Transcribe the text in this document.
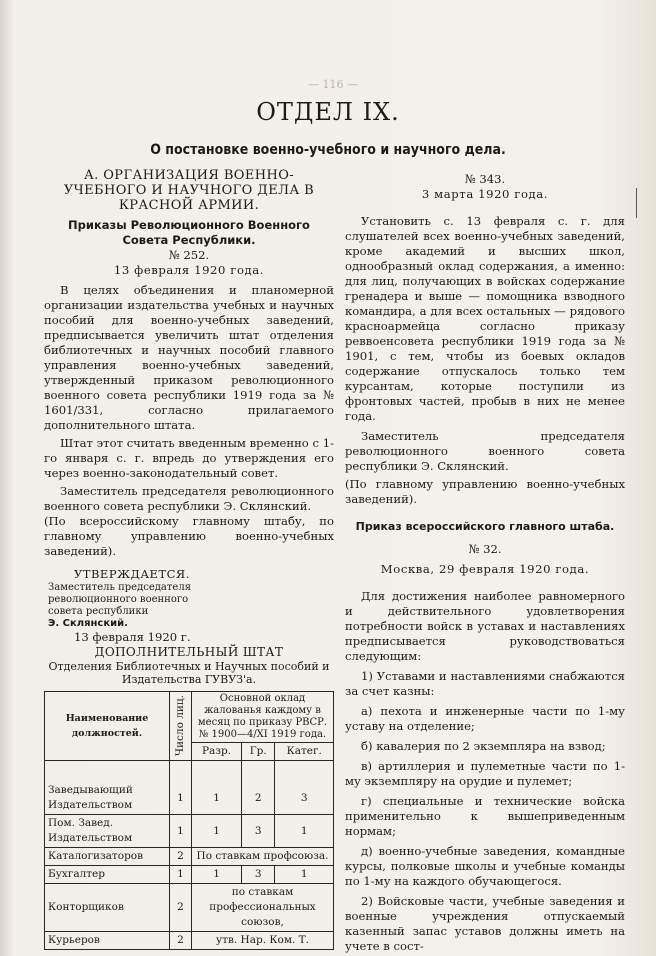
— 116 —
ОТДЕЛ IX.
О постановке военно-учебного и научного дела.

А. ОРГАНИЗАЦИЯ ВОЕННО-УЧЕБНОГО И НАУЧНОГО ДЕЛА В КРАСНОЙ АРМИИ.

Приказы Революционного Военного Совета Республики.

№ 252.

13 февраля 1920 года.

В целях объединения и планомерной организации издательства учебных и научных пособий для военно-учебных заведений, предписывается увеличить штат отделения библиотечных и научных пособий главного управления военно-учебных заведений, утвержденный приказом революционного военного совета республики 1919 года за № 1601/331, согласно прилагаемого дополнительного штата.

Штат этот считать введенным временно с 1-го января с. г. впредь до утверждения его через военно-законодательный совет.

Заместитель председателя революционного военного совета республики Э. Склянский.

(По всероссийскому главному штабу, по главному управлению военно-учебных заведений).

УТВЕРЖДАЕТСЯ.

Заместитель председателя революционного военного совета республики

Э. Склянский.

13 февраля 1920 г.

ДОПОЛНИТЕЛЬНЫЙ ШТАТ

Отделения Библиотечных и Научных пособий и Издательства ГУВУЗ'а.

Наименование должностей.	Число лиц.	Основной оклад жалованья каждому в месяц по приказу РВСР. № 1900—4/XI 1919 года.		
		Разр.	Гр.	Катег.
Заведывающий Издательством	1	1	2	3
Пом. Завед. Издательством	1	1	3	1
Каталогизаторов	2	По ставкам профсоюза.		
Бухгалтер	1	1	3	1
Конторщиков	2	по ставкам профессиональных союзов,		
Курьеров	2	утв. Нар. Ком. Т.		

№ 343.

3 марта 1920 года.

Установить с. 13 февраля с. г. для слушателей всех военно-учебных заведений, кроме академий и высших школ, однообразный оклад содержания, а именно: для лиц, получающих в войсках содержание гренадера и выше — помощника взводного командира, а для всех остальных — рядового красноармейца согласно приказу реввоенсовета республики 1919 года за № 1901, с тем, чтобы из боевых окладов содержание отпускалось только тем курсантам, которые поступили из фронтовых частей, пробыв в них не менее года.

Заместитель председателя революционного военного совета республики Э. Склянский.

(По главному управлению военно-учебных заведений).

Приказ всероссийского главного штаба.

№ 32.

Москва, 29 февраля 1920 года.

Для достижения наиболее равномерного и действительного удовлетворения потребности войск в уставах и наставлениях предписывается руководствоваться следующим:

1) Уставами и наставлениями снабжаются за счет казны:

а) пехота и инженерные части по 1-му уставу на отделение;

б) кавалерия по 2 экземпляра на взвод;

в) артиллерия и пулеметные части по 1-му экземпляру на орудие и пулемет;

г) специальные и технические войска применительно к вышеприведенным нормам;

д) военно-учебные заведения, командные курсы, полковые школы и учебные команды по 1-му на каждого обучающегося.

2) Войсковые части, учебные заведения и военные учреждения отпускаемый казенный запас уставов должны иметь на учете в сост-
